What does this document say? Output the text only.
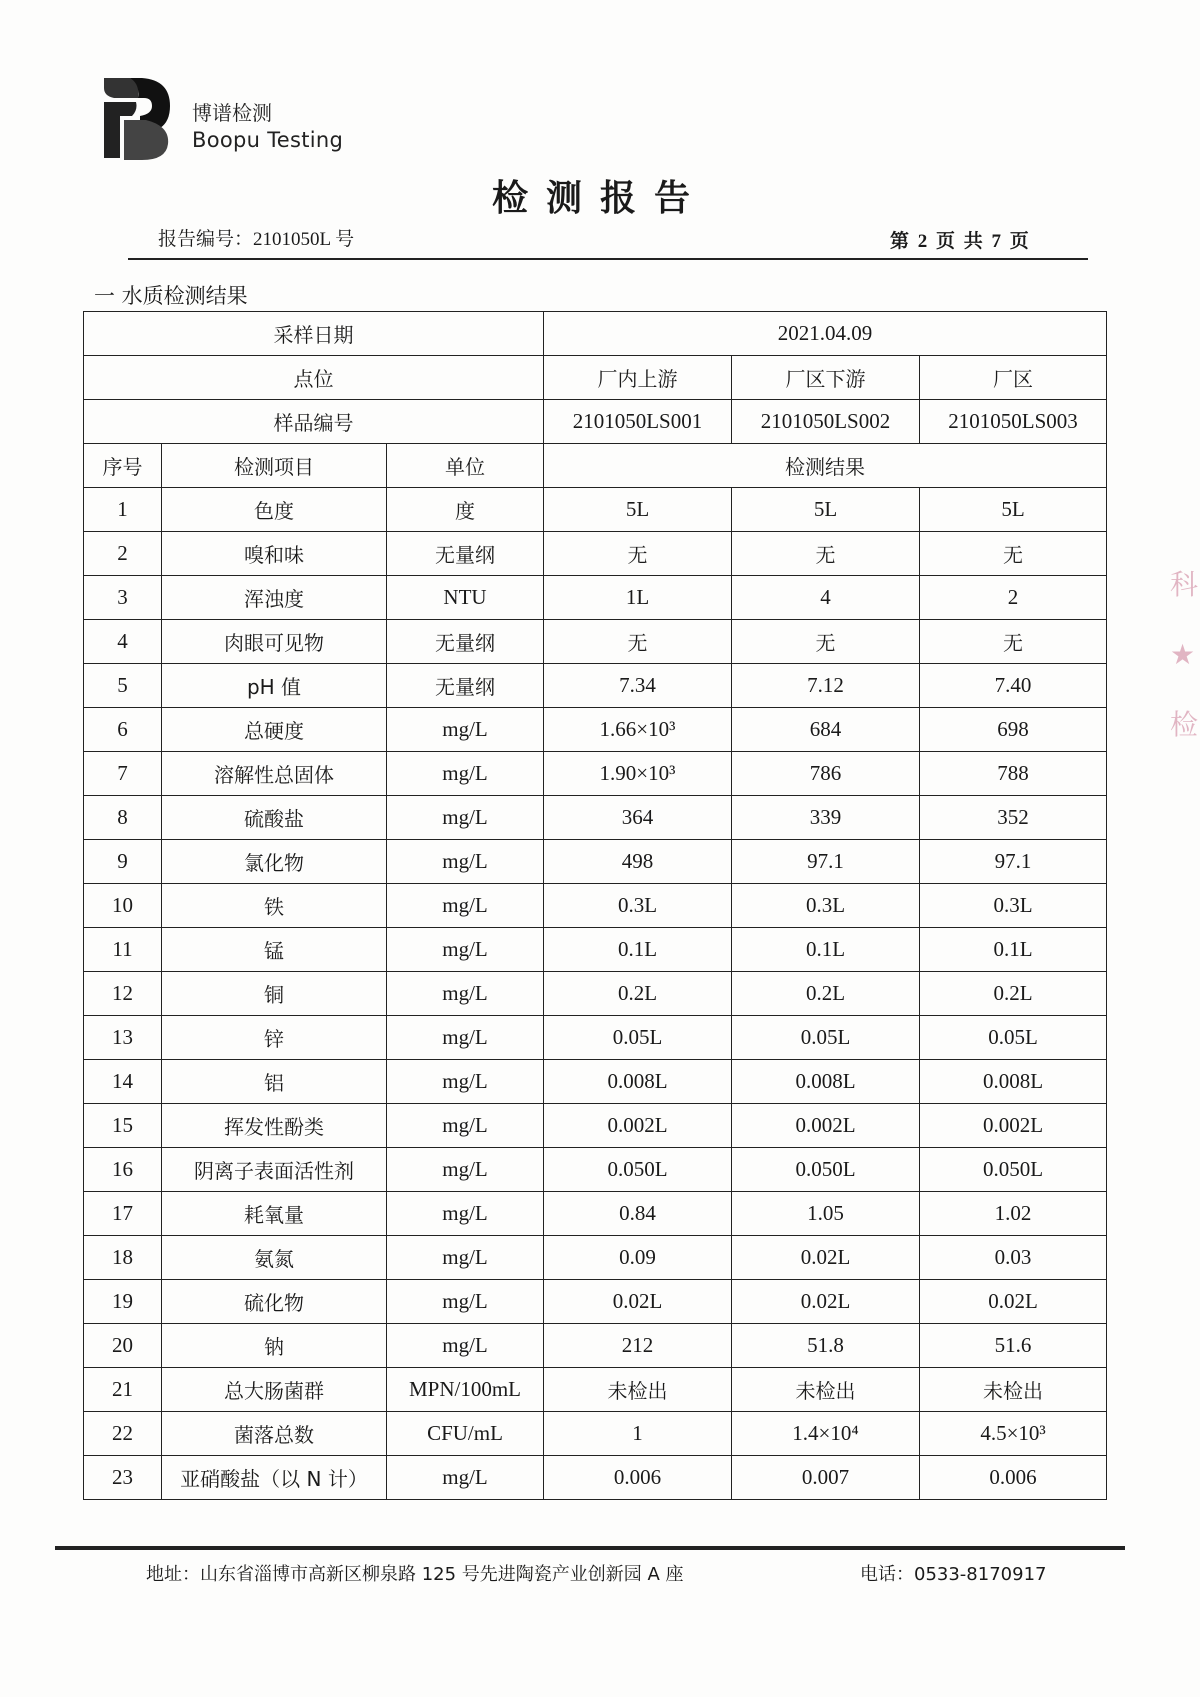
博谱检测
Boopu Testing
检测报告
报告编号：2101050L 号	第 2 页 共 7 页
一 水质检测结果
采样日期			2021.04.09		
点位			厂内上游	厂区下游	厂区
样品编号			2101050LS001	2101050LS002	2101050LS003
序号	检测项目	单位	检测结果		
1	色度	度	5L	5L	5L
2	嗅和味	无量纲	无	无	无
3	浑浊度	NTU	1L	4	2
4	肉眼可见物	无量纲	无	无	无
5	pH 值	无量纲	7.34	7.12	7.40
6	总硬度	mg/L	1.66×10³	684	698
7	溶解性总固体	mg/L	1.90×10³	786	788
8	硫酸盐	mg/L	364	339	352
9	氯化物	mg/L	498	97.1	97.1
10	铁	mg/L	0.3L	0.3L	0.3L
11	锰	mg/L	0.1L	0.1L	0.1L
12	铜	mg/L	0.2L	0.2L	0.2L
13	锌	mg/L	0.05L	0.05L	0.05L
14	铝	mg/L	0.008L	0.008L	0.008L
15	挥发性酚类	mg/L	0.002L	0.002L	0.002L
16	阴离子表面活性剂	mg/L	0.050L	0.050L	0.050L
17	耗氧量	mg/L	0.84	1.05	1.02
18	氨氮	mg/L	0.09	0.02L	0.03
19	硫化物	mg/L	0.02L	0.02L	0.02L
20	钠	mg/L	212	51.8	51.6
21	总大肠菌群	MPN/100mL	未检出	未检出	未检出
22	菌落总数	CFU/mL	1	1.4×10⁴	4.5×10³
23	亚硝酸盐（以 N 计）	mg/L	0.006	0.007	0.006
地址：山东省淄博市高新区柳泉路 125 号先进陶瓷产业创新园 A 座	电话：0533-8170917
科
★
检
